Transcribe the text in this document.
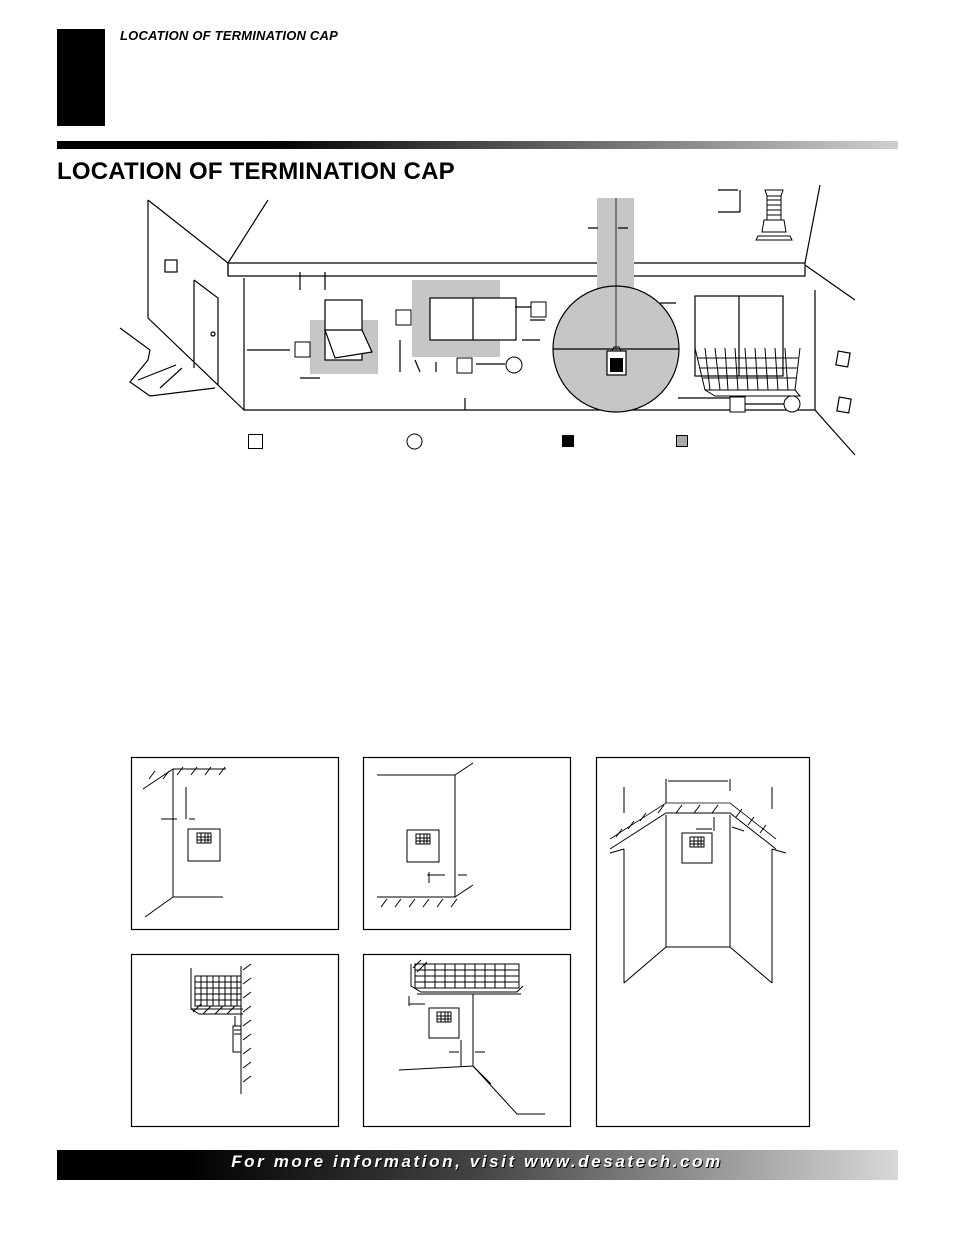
LOCATION OF TERMINATION CAP
LOCATION OF TERMINATION CAP
For more information, visit www.desatech.com
